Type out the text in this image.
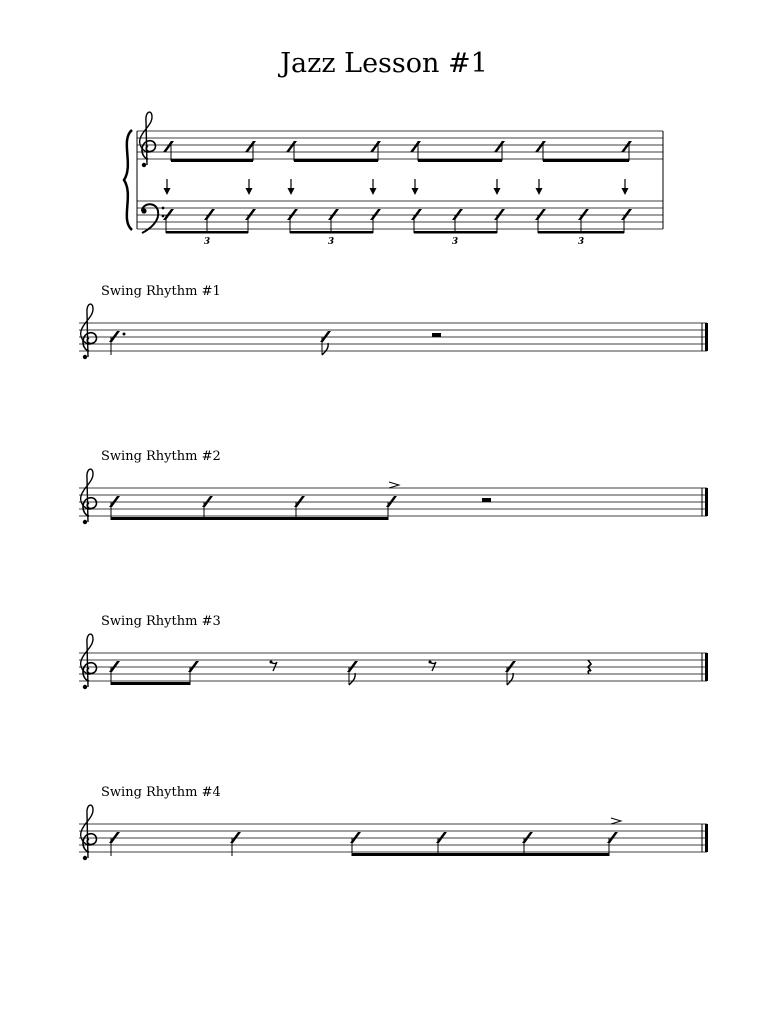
Jazz Lesson #1
Swing Rhythm #1
Swing Rhythm #2
Swing Rhythm #3
Swing Rhythm #4
3	3	3	3
